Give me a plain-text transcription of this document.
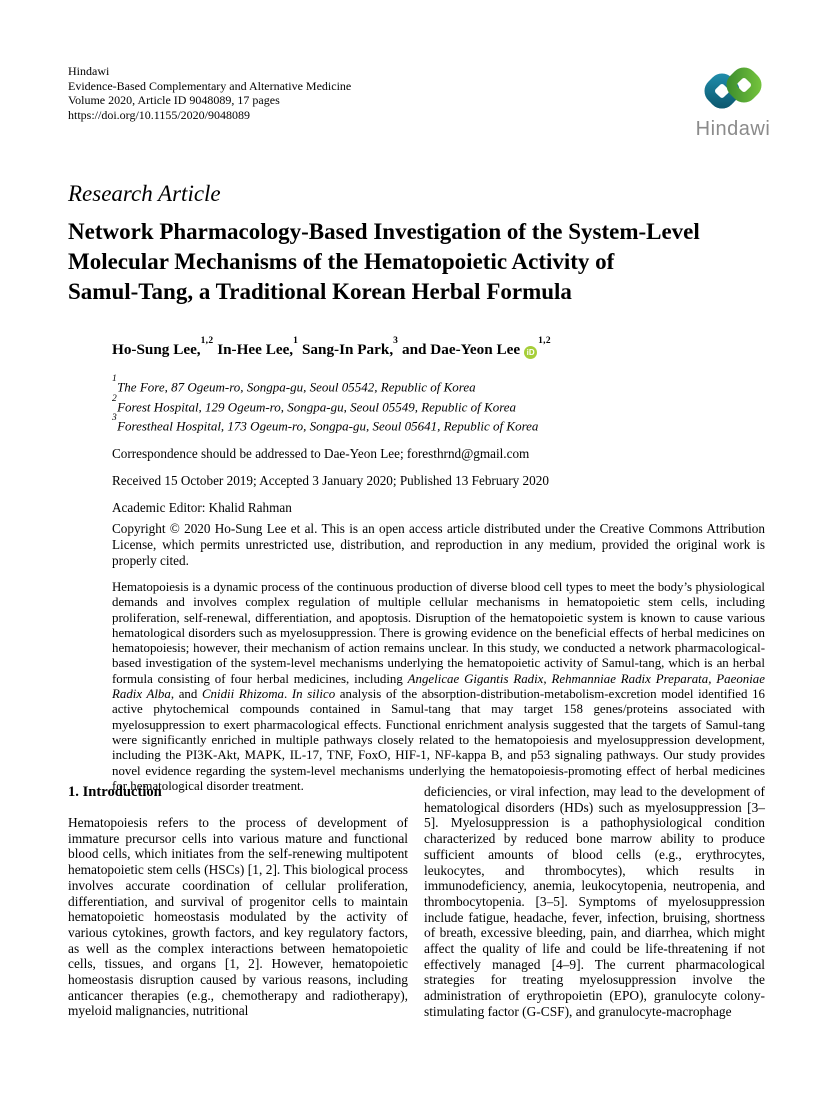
Hindawi
Evidence-Based Complementary and Alternative Medicine
Volume 2020, Article ID 9048089, 17 pages
https://doi.org/10.1155/2020/9048089
Hindawi
Research Article
Network Pharmacology-Based Investigation of the System-Level
Molecular Mechanisms of the Hematopoietic Activity of
Samul-Tang, a Traditional Korean Herbal Formula
Ho-Sung Lee,$^{1,2}$ In-Hee Lee,$^1$ Sang-In Park,$^3$ and Dae-Yeon Lee iD$^{1,2}$
$^1$The Fore, 87 Ogeum-ro, Songpa-gu, Seoul 05542, Republic of Korea
$^2$Forest Hospital, 129 Ogeum-ro, Songpa-gu, Seoul 05549, Republic of Korea
$^3$Forestheal Hospital, 173 Ogeum-ro, Songpa-gu, Seoul 05641, Republic of Korea
Correspondence should be addressed to Dae-Yeon Lee; foresthrnd@gmail.com
Received 15 October 2019; Accepted 3 January 2020; Published 13 February 2020
Academic Editor: Khalid Rahman
Copyright © 2020 Ho-Sung Lee et al. This is an open access article distributed under the Creative Commons Attribution License, which permits unrestricted use, distribution, and reproduction in any medium, provided the original work is properly cited.
Hematopoiesis is a dynamic process of the continuous production of diverse blood cell types to meet the body’s physiological demands and involves complex regulation of multiple cellular mechanisms in hematopoietic stem cells, including proliferation, self-renewal, differentiation, and apoptosis. Disruption of the hematopoietic system is known to cause various hematological disorders such as myelosuppression. There is growing evidence on the beneficial effects of herbal medicines on hematopoiesis; however, their mechanism of action remains unclear. In this study, we conducted a network pharmacological-based investigation of the system-level mechanisms underlying the hematopoietic activity of Samul-tang, which is an herbal formula consisting of four herbal medicines, including Angelicae Gigantis Radix, Rehmanniae Radix Preparata, Paeoniae Radix Alba, and Cnidii Rhizoma. In silico analysis of the absorption-distribution-metabolism-excretion model identified 16 active phytochemical compounds contained in Samul-tang that may target 158 genes/proteins associated with myelosuppression to exert pharmacological effects. Functional enrichment analysis suggested that the targets of Samul-tang were significantly enriched in multiple pathways closely related to the hematopoiesis and myelosuppression development, including the PI3K-Akt, MAPK, IL-17, TNF, FoxO, HIF-1, NF-kappa B, and p53 signaling pathways. Our study provides novel evidence regarding the system-level mechanisms underlying the hematopoiesis-promoting effect of herbal medicines for hematological disorder treatment.
1. Introduction

Hematopoiesis refers to the process of development of immature precursor cells into various mature and functional blood cells, which initiates from the self-renewing multipotent hematopoietic stem cells (HSCs) [1, 2]. This biological process involves accurate coordination of cellular proliferation, differentiation, and survival of progenitor cells to maintain hematopoietic homeostasis modulated by the activity of various cytokines, growth factors, and key regulatory factors, as well as the complex interactions between hematopoietic cells, tissues, and organs [1, 2]. However, hematopoietic homeostasis disruption caused by various reasons, including anticancer therapies (e.g., chemotherapy and radiotherapy), myeloid malignancies, nutritional

deficiencies, or viral infection, may lead to the development of hematological disorders (HDs) such as myelosuppression [3–5]. Myelosuppression is a pathophysiological condition characterized by reduced bone marrow ability to produce sufficient amounts of blood cells (e.g., erythrocytes, leukocytes, and thrombocytes), which results in immunodeficiency, anemia, leukocytopenia, neutropenia, and thrombocytopenia. [3–5]. Symptoms of myelosuppression include fatigue, headache, fever, infection, bruising, shortness of breath, excessive bleeding, pain, and diarrhea, which might affect the quality of life and could be life-threatening if not effectively managed [4–9]. The current pharmacological strategies for treating myelosuppression involve the administration of erythropoietin (EPO), granulocyte colony-stimulating factor (G-CSF), and granulocyte-macrophage
